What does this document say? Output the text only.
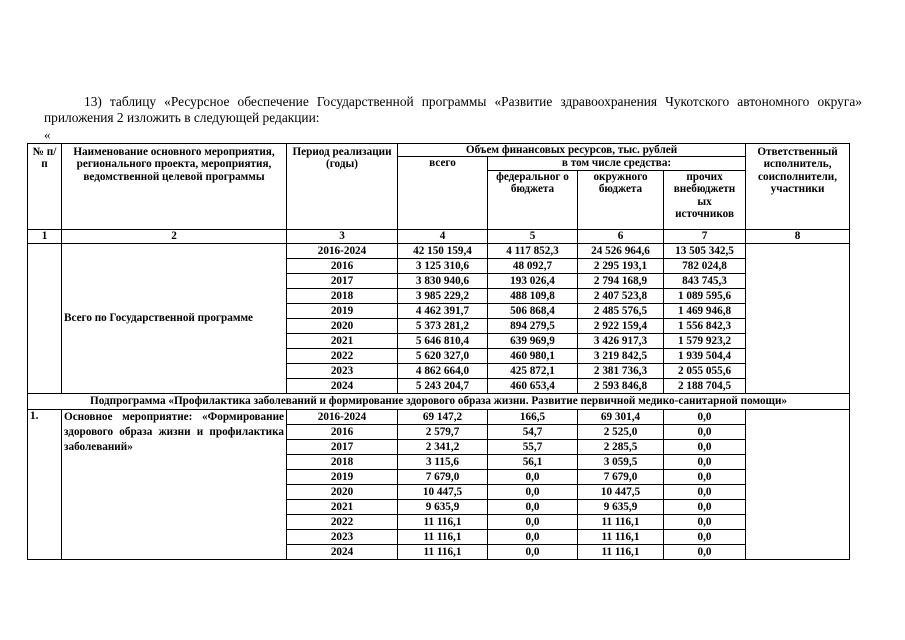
13) таблицу «Ресурсное обеспечение Государственной программы «Развитие здравоохранения Чукотского автономного округа» приложения 2 изложить в следующей редакции:
«
№ п/п	Наименование основного мероприятия, регионального проекта, мероприятия, ведомственной целевой программы	Период реализации (годы)	Объем финансовых ресурсов, тыс. рублей				Ответственный исполнитель, соисполнители, участники
			всего	в том числе средства:			
				федеральног о бюджета	окружного бюджета	прочих внебюджетн ых источников	
1	2	3	4	5	6	7	8
	Всего по Государственной программе	2016-2024	42 150 159,4	4 117 852,3	24 526 964,6	13 505 342,5	
		2016	3 125 310,6	48 092,7	2 295 193,1	782 024,8	
		2017	3 830 940,6	193 026,4	2 794 168,9	843 745,3	
		2018	3 985 229,2	488 109,8	2 407 523,8	1 089 595,6	
		2019	4 462 391,7	506 868,4	2 485 576,5	1 469 946,8	
		2020	5 373 281,2	894 279,5	2 922 159,4	1 556 842,3	
		2021	5 646 810,4	639 969,9	3 426 917,3	1 579 923,2	
		2022	5 620 327,0	460 980,1	3 219 842,5	1 939 504,4	
		2023	4 862 664,0	425 872,1	2 381 736,3	2 055 055,6	
		2024	5 243 204,7	460 653,4	2 593 846,8	2 188 704,5	
Подпрограмма «Профилактика заболеваний и формирование здорового образа жизни. Развитие первичной медико-санитарной помощи»							
1.	Основное мероприятие: «Формирование здорового образа жизни и профилактика заболеваний»	2016-2024	69 147,2	166,5	69 301,4	0,0	
		2016	2 579,7	54,7	2 525,0	0,0	
		2017	2 341,2	55,7	2 285,5	0,0	
		2018	3 115,6	56,1	3 059,5	0,0	
		2019	7 679,0	0,0	7 679,0	0,0	
		2020	10 447,5	0,0	10 447,5	0,0	
		2021	9 635,9	0,0	9 635,9	0,0	
		2022	11 116,1	0,0	11 116,1	0,0	
		2023	11 116,1	0,0	11 116,1	0,0	
		2024	11 116,1	0,0	11 116,1	0,0	
